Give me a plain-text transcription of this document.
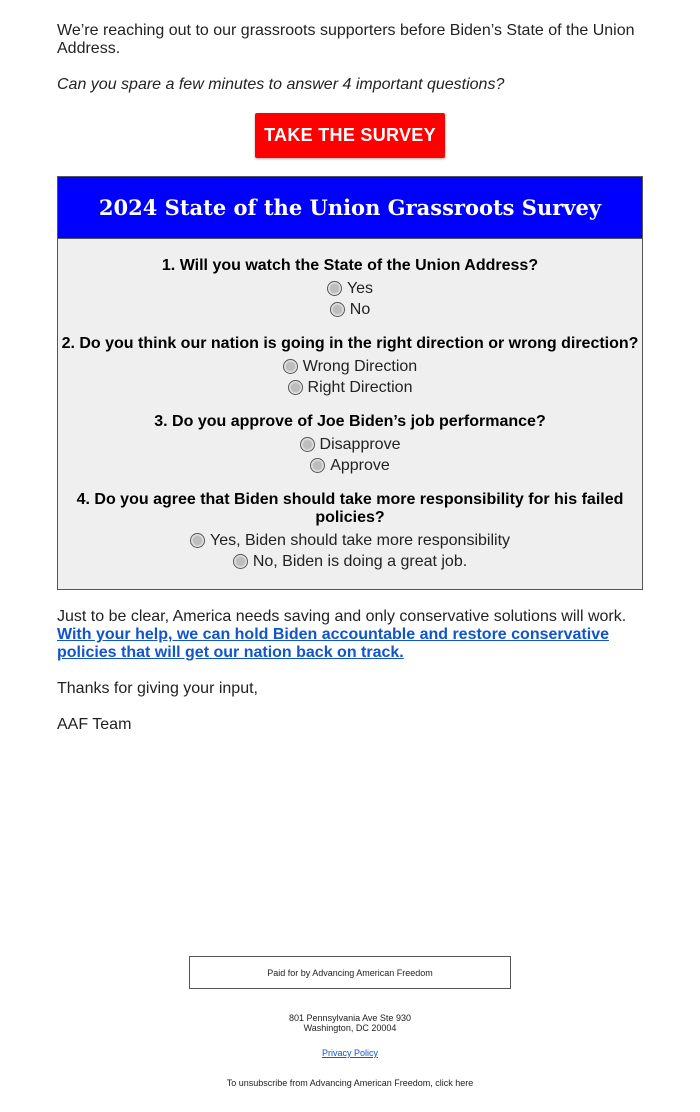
We’re reaching out to our grassroots supporters before Biden’s State of the Union Address.

Can you spare a few minutes to answer 4 important questions?

TAKE THE SURVEY
2024 State of the Union Grassroots Survey
1. Will you watch the State of the Union Address?
Yes
No
2. Do you think our nation is going in the right direction or wrong direction?
Wrong Direction
Right Direction
3. Do you approve of Joe Biden’s job performance?
Disapprove
Approve
4. Do you agree that Biden should take more responsibility for his failed policies?
Yes, Biden should take more responsibility
No, Biden is doing a great job.

Just to be clear, America needs saving and only conservative solutions will work. With your help, we can hold Biden accountable and restore conservative policies that will get our nation back on track.

Thanks for giving your input,

AAF Team

Paid for by Advancing American Freedom
801 Pennsylvania Ave Ste 930
Washington, DC 20004
Privacy Policy
To unsubscribe from Advancing American Freedom, click here
